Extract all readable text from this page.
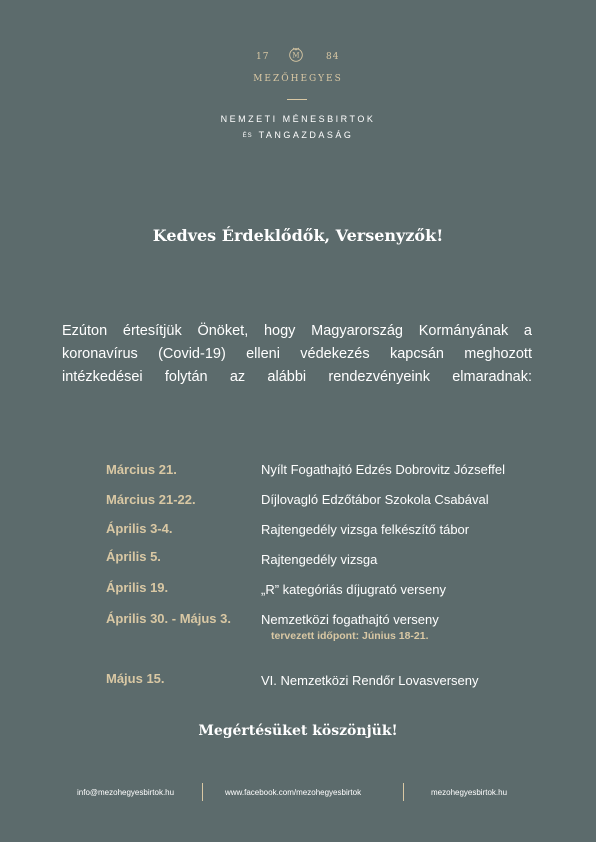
17	M	84
MEZŐHEGYES
NEMZETI MÉNESBIRTOK
ÉS TANGAZDASÁG
Kedves Érdeklődők, Versenyzők!
Ezúton értesítjük Önöket, hogy Magyarország Kormányának a
koronavírus (Covid-19) elleni védekezés kapcsán meghozott
intézkedései folytán az alábbi rendezvényeink elmaradnak:
Március 21.	Nyílt Fogathajtó Edzés Dobrovitz Józseffel
Március 21-22.	Díjlovagló Edzőtábor Szokola Csabával
Április 3-4.	Rajtengedély vizsga felkészítő tábor
Április 5.	Rajtengedély vizsga
Április 19.	„R” kategóriás díjugrató verseny
Április 30. - Május 3. Nemzetközi fogathajtó verseny
tervezett időpont: Június 18-21.
Május 15.	VI. Nemzetközi Rendőr Lovasverseny
Megértésüket köszönjük!
info@mezohegyesbirtok.hu	www.facebook.com/mezohegyesbirtok	mezohegyesbirtok.hu
